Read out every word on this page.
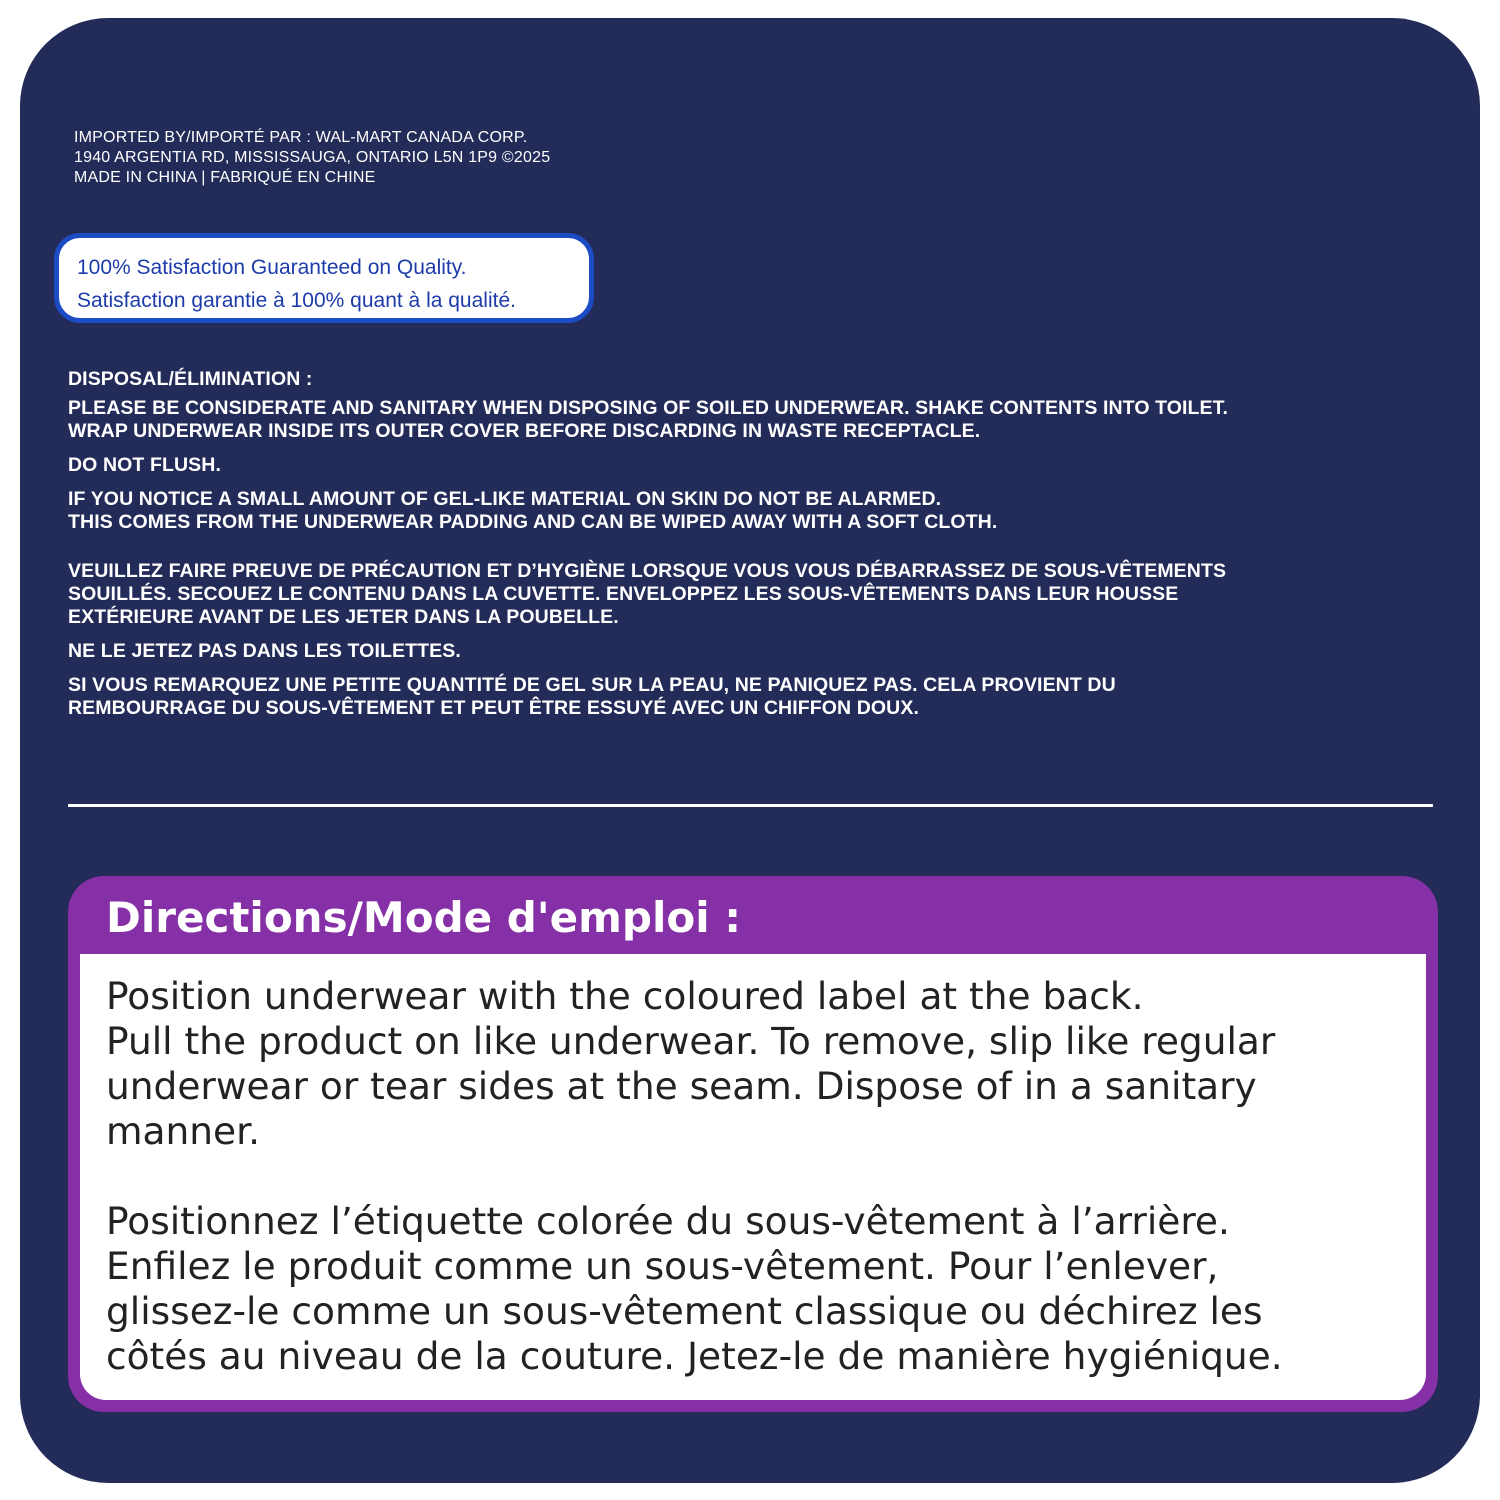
IMPORTED BY/IMPORTÉ PAR : WAL-MART CANADA CORP.
1940 ARGENTIA RD, MISSISSAUGA, ONTARIO L5N 1P9 ©2025
MADE IN CHINA | FABRIQUÉ EN CHINE
100% Satisfaction Guaranteed on Quality.
Satisfaction garantie à 100% quant à la qualité.
DISPOSAL/ÉLIMINATION :

PLEASE BE CONSIDERATE AND SANITARY WHEN DISPOSING OF SOILED UNDERWEAR. SHAKE CONTENTS INTO TOILET.
WRAP UNDERWEAR INSIDE ITS OUTER COVER BEFORE DISCARDING IN WASTE RECEPTACLE.

DO NOT FLUSH.

IF YOU NOTICE A SMALL AMOUNT OF GEL-LIKE MATERIAL ON SKIN DO NOT BE ALARMED.
THIS COMES FROM THE UNDERWEAR PADDING AND CAN BE WIPED AWAY WITH A SOFT CLOTH.

VEUILLEZ FAIRE PREUVE DE PRÉCAUTION ET D’HYGIÈNE LORSQUE VOUS VOUS DÉBARRASSEZ DE SOUS-VÊTEMENTS
SOUILLÉS. SECOUEZ LE CONTENU DANS LA CUVETTE. ENVELOPPEZ LES SOUS-VÊTEMENTS DANS LEUR HOUSSE
EXTÉRIEURE AVANT DE LES JETER DANS LA POUBELLE.

NE LE JETEZ PAS DANS LES TOILETTES.

SI VOUS REMARQUEZ UNE PETITE QUANTITÉ DE GEL SUR LA PEAU, NE PANIQUEZ PAS. CELA PROVIENT DU
REMBOURRAGE DU SOUS-VÊTEMENT ET PEUT ÊTRE ESSUYÉ AVEC UN CHIFFON DOUX.

Directions/Mode d'emploi :

Position underwear with the coloured label at the back.
Pull the product on like underwear. To remove, slip like regular
underwear or tear sides at the seam. Dispose of in a sanitary
manner.

Positionnez l’étiquette colorée du sous-vêtement à l’arrière.
Enfilez le produit comme un sous-vêtement. Pour l’enlever,
glissez-le comme un sous-vêtement classique ou déchirez les
côtés au niveau de la couture. Jetez-le de manière hygiénique.
